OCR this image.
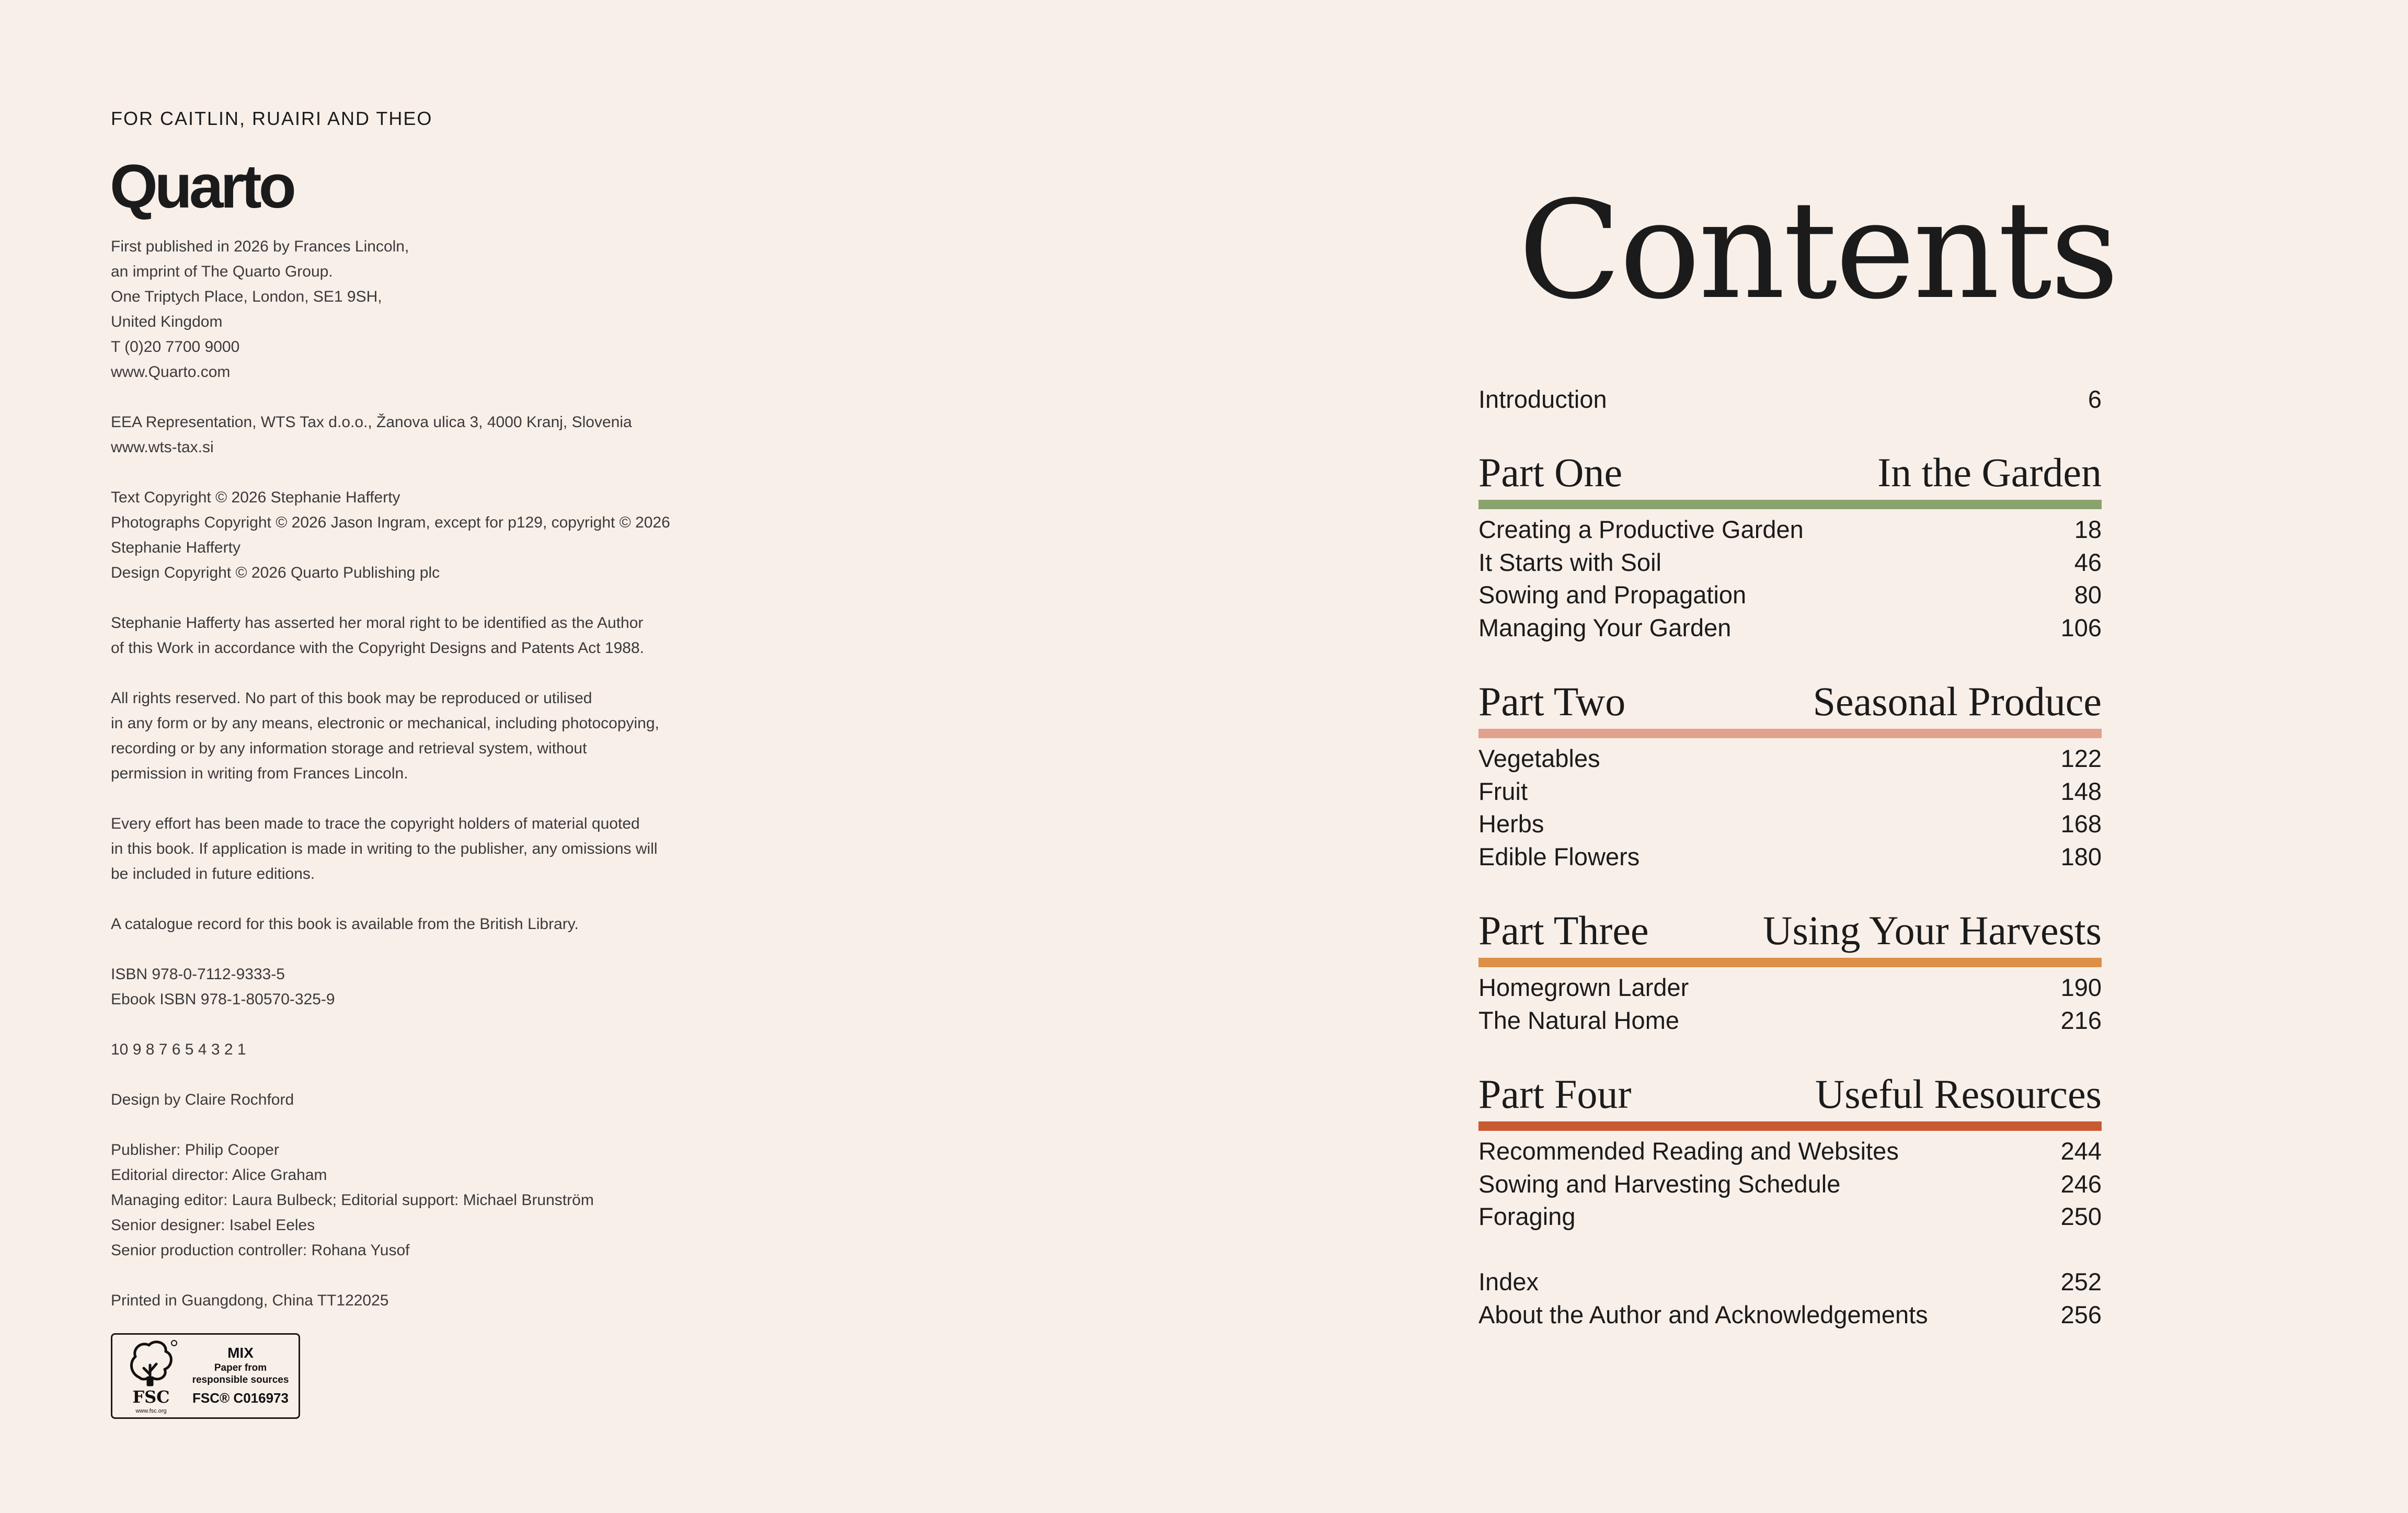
FOR CAITLIN, RUAIRI AND THEO
Quarto
First published in 2026 by Frances Lincoln,
an imprint of The Quarto Group.
One Triptych Place, London, SE1 9SH,
United Kingdom
T (0)20 7700 9000
www.Quarto.com
EEA Representation, WTS Tax d.o.o., Žanova ulica 3, 4000 Kranj, Slovenia
www.wts-tax.si
Text Copyright © 2026 Stephanie Hafferty
Photographs Copyright © 2026 Jason Ingram, except for p129, copyright © 2026
Stephanie Hafferty
Design Copyright © 2026 Quarto Publishing plc
Stephanie Hafferty has asserted her moral right to be identified as the Author
of this Work in accordance with the Copyright Designs and Patents Act 1988.
All rights reserved. No part of this book may be reproduced or utilised
in any form or by any means, electronic or mechanical, including photocopying,
recording or by any information storage and retrieval system, without
permission in writing from Frances Lincoln.
Every effort has been made to trace the copyright holders of material quoted
in this book. If application is made in writing to the publisher, any omissions will
be included in future editions.
A catalogue record for this book is available from the British Library.
ISBN 978-0-7112-9333-5
Ebook ISBN 978-1-80570-325-9
10 9 8 7 6 5 4 3 2 1
Design by Claire Rochford
Publisher: Philip Cooper
Editorial director: Alice Graham
Managing editor: Laura Bulbeck; Editorial support: Michael Brunström
Senior designer: Isabel Eeles
Senior production controller: Rohana Yusof
Printed in Guangdong, China TT122025
FSC
www.fsc.org
MIX
Paper from
responsible sources
FSC® C016973
Contents
Introduction	6
Part One	In the Garden
Creating a Productive Garden	18
It Starts with Soil	46
Sowing and Propagation	80
Managing Your Garden	106
Part Two	Seasonal Produce
Vegetables	122
Fruit	148
Herbs	168
Edible Flowers	180
Part Three	Using Your Harvests
Homegrown Larder	190
The Natural Home	216
Part Four	Useful Resources
Recommended Reading and Websites	244
Sowing and Harvesting Schedule	246
Foraging	250
Index	252
About the Author and Acknowledgements	256
